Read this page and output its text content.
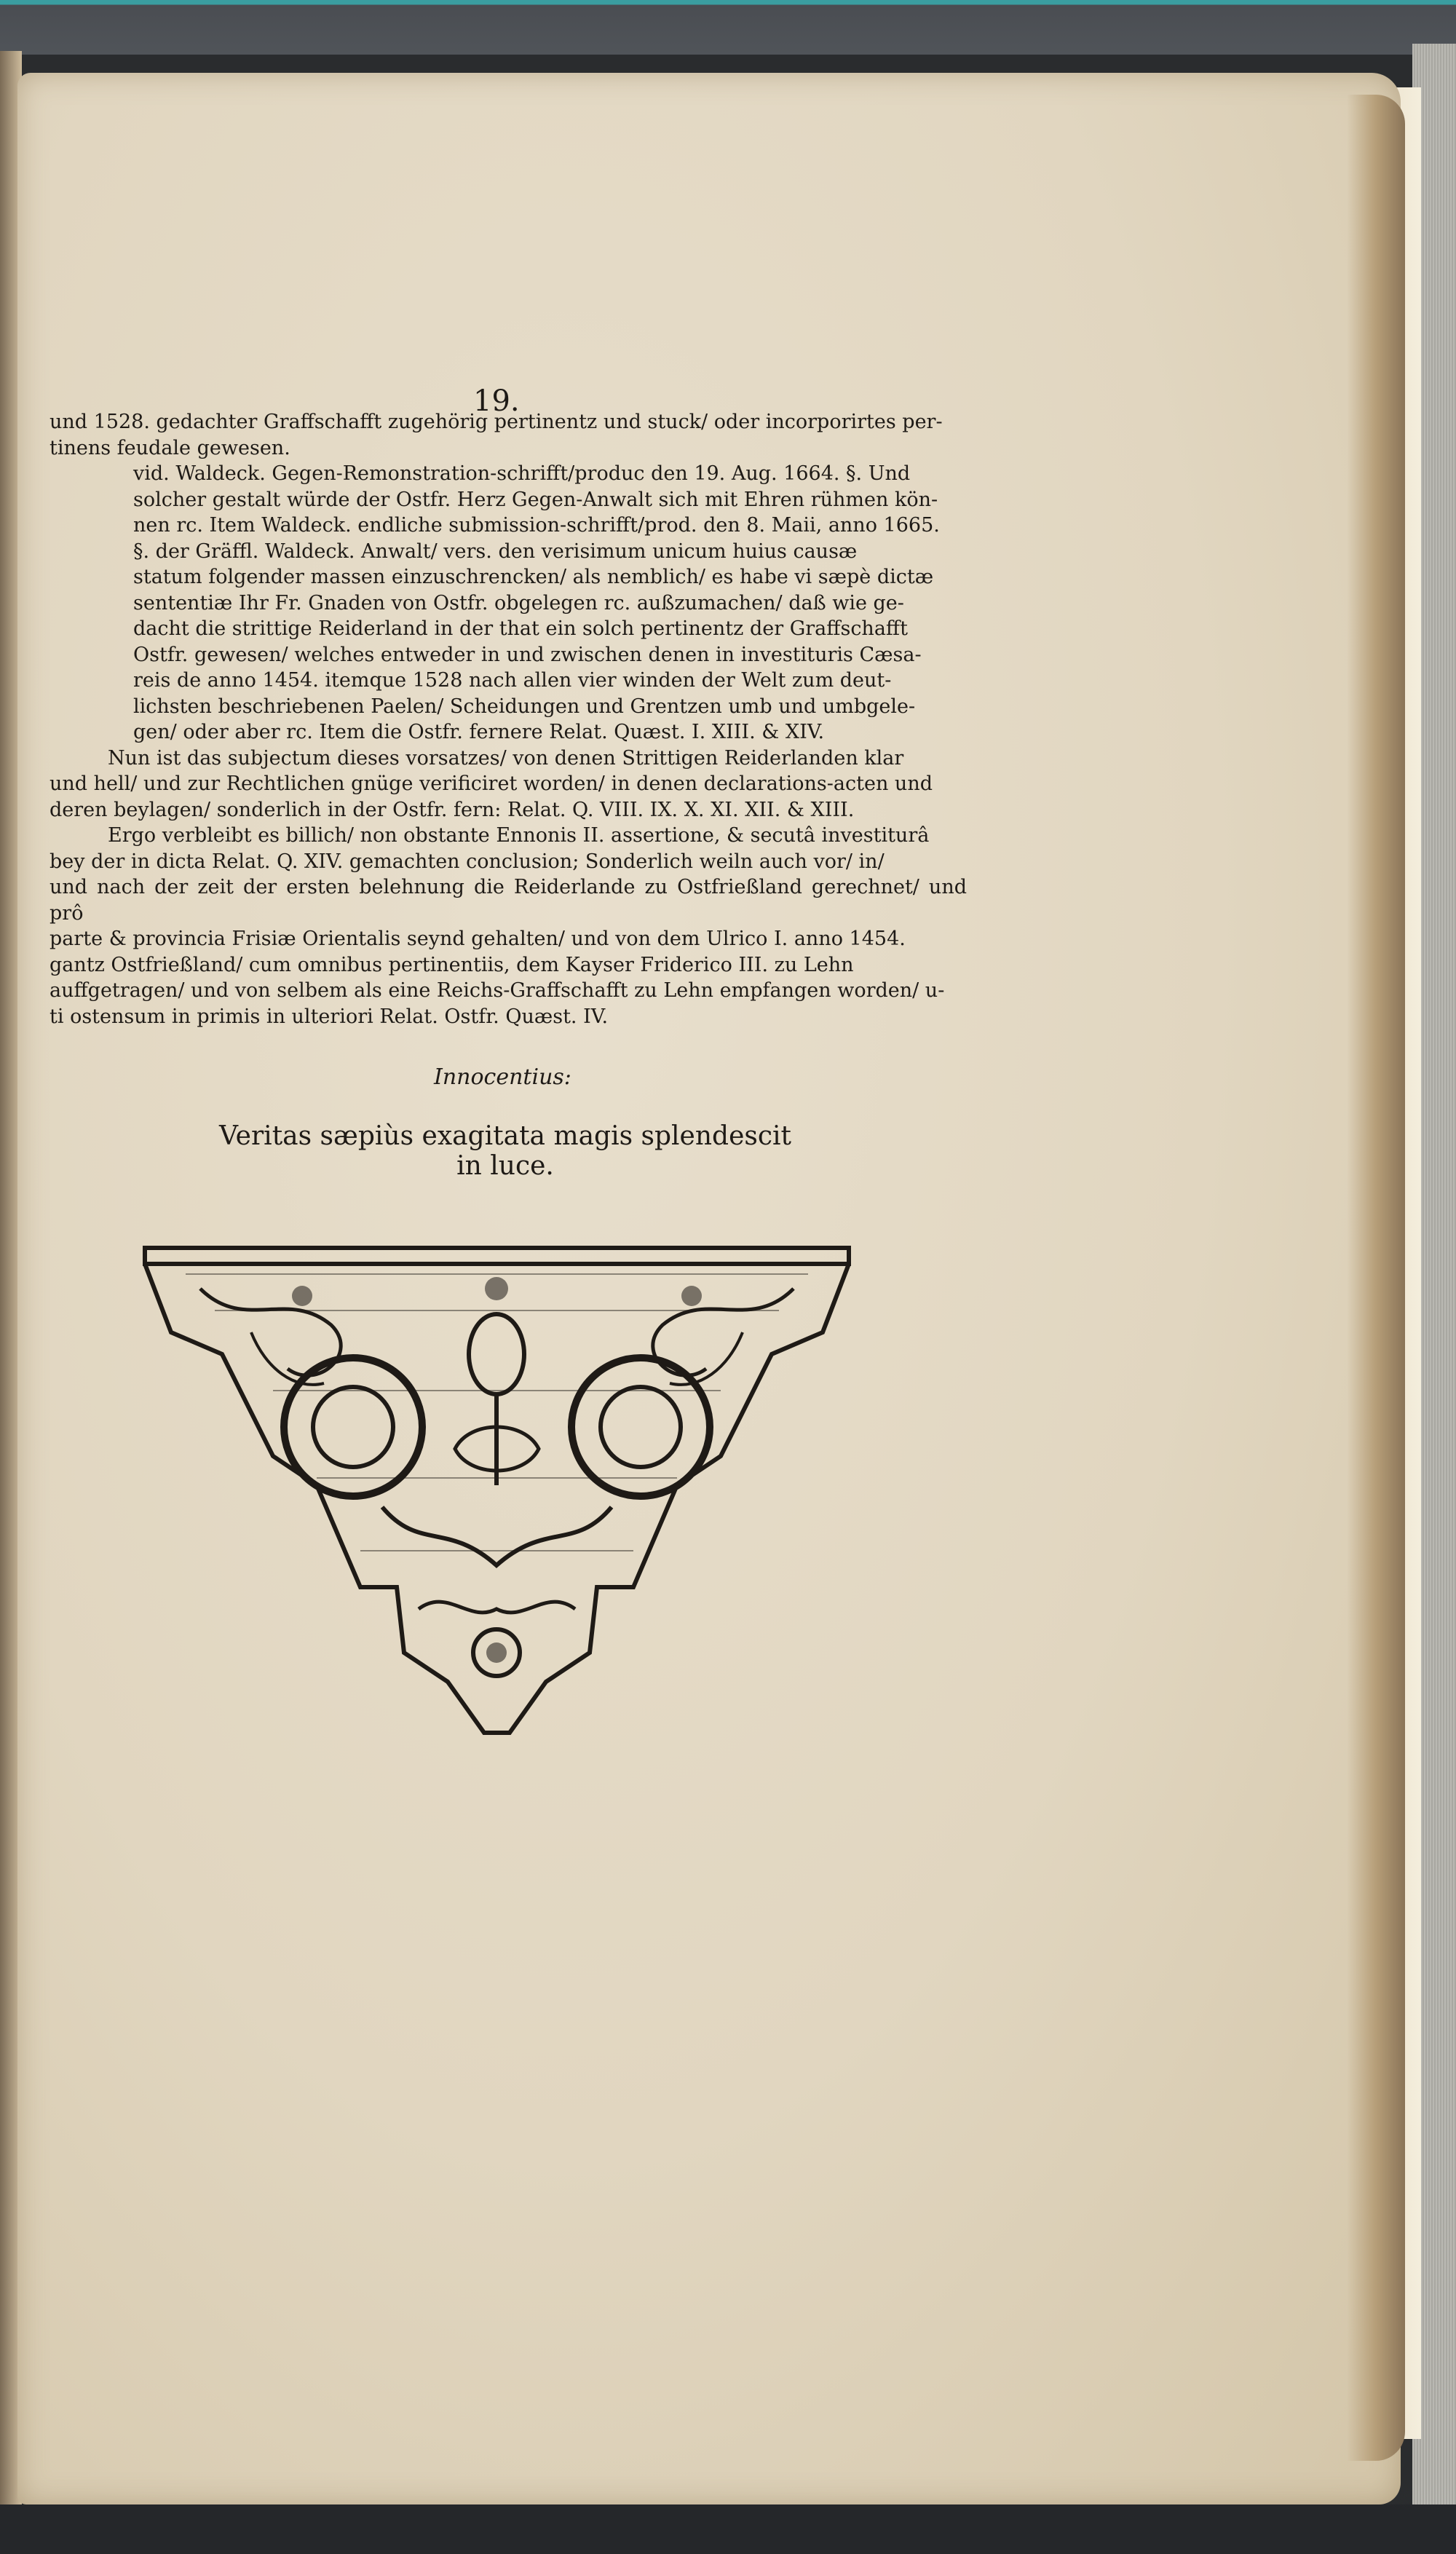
19.

und 1528. gedachter Graffschafft zugehörig pertinentz und stuck/ oder incorporirtes per-

tinens feudale gewesen.

vid. Waldeck. Gegen-Remonstration-schrifft/produc den 19. Aug. 1664. §. Und

solcher gestalt würde der Ostfr. Herz Gegen-Anwalt sich mit Ehren rühmen kön-

nen rc. Item Waldeck. endliche submission-schrifft/prod. den 8. Maii, anno 1665.

§. der Gräffl. Waldeck. Anwalt/ vers. den verisimum unicum huius causæ

statum folgender massen einzuschrencken/ als nemblich/ es habe vi sæpè dictæ

sententiæ Ihr Fr. Gnaden von Ostfr. obgelegen rc. außzumachen/ daß wie ge-

dacht die strittige Reiderland in der that ein solch pertinentz der Graffschafft

Ostfr. gewesen/ welches entweder in und zwischen denen in investituris Cæsa-

reis de anno 1454. itemque 1528 nach allen vier winden der Welt zum deut-

lichsten beschriebenen Paelen/ Scheidungen und Grentzen umb und umbgele-

gen/ oder aber rc. Item die Ostfr. fernere Relat. Quæst. I. XIII. & XIV.

Nun ist das subjectum dieses vorsatzes/ von denen Strittigen Reiderlanden klar

und hell/ und zur Rechtlichen gnüge verificiret worden/ in denen declarations-acten und

deren beylagen/ sonderlich in der Ostfr. fern: Relat. Q. VIII. IX. X. XI. XII. & XIII.

Ergo verbleibt es billich/ non obstante Ennonis II. assertione, & secutâ investiturâ

bey der in dicta Relat. Q. XIV. gemachten conclusion; Sonderlich weiln auch vor/ in/

und nach der zeit der ersten belehnung die Reiderlande zu Ostfrießland gerechnet/ und prô

parte & provincia Frisiæ Orientalis seynd gehalten/ und von dem Ulrico I. anno 1454.

gantz Ostfrießland/ cum omnibus pertinentiis, dem Kayser Friderico III. zu Lehn

auffgetragen/ und von selbem als eine Reichs-Graffschafft zu Lehn empfangen worden/ u-

ti ostensum in primis in ulteriori Relat. Ostfr. Quæst. IV.

Innocentius:
Veritas sæpiùs exagitata magis splendescit in luce.
